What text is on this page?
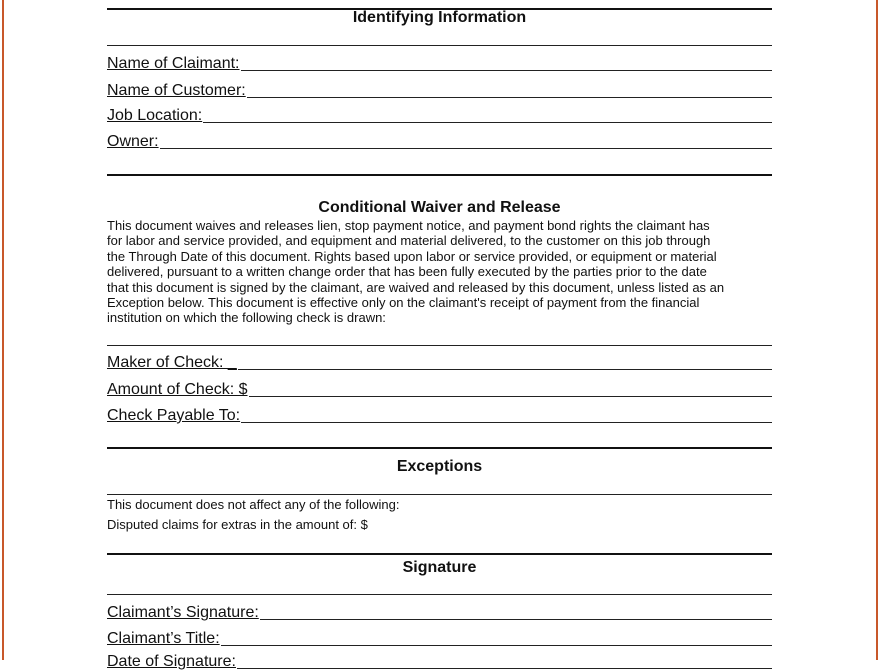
Identifying Information
Name of Claimant:
Name of Customer:
Job Location:
Owner:
Conditional Waiver and Release
This document waives and releases lien, stop payment notice, and payment bond rights the claimant has
for labor and service provided, and equipment and material delivered, to the customer on this job through
the Through Date of this document. Rights based upon labor or service provided, or equipment or material
delivered, pursuant to a written change order that has been fully executed by the parties prior to the date
that this document is signed by the claimant, are waived and released by this document, unless listed as an
Exception below. This document is effective only on the claimant's receipt of payment from the financial
institution on which the following check is drawn:
Maker of Check: _
Amount of Check: $
Check Payable To:
Exceptions
This document does not affect any of the following:
Disputed claims for extras in the amount of: $
Signature
Claimant’s Signature:
Claimant’s Title:
Date of Signature:
